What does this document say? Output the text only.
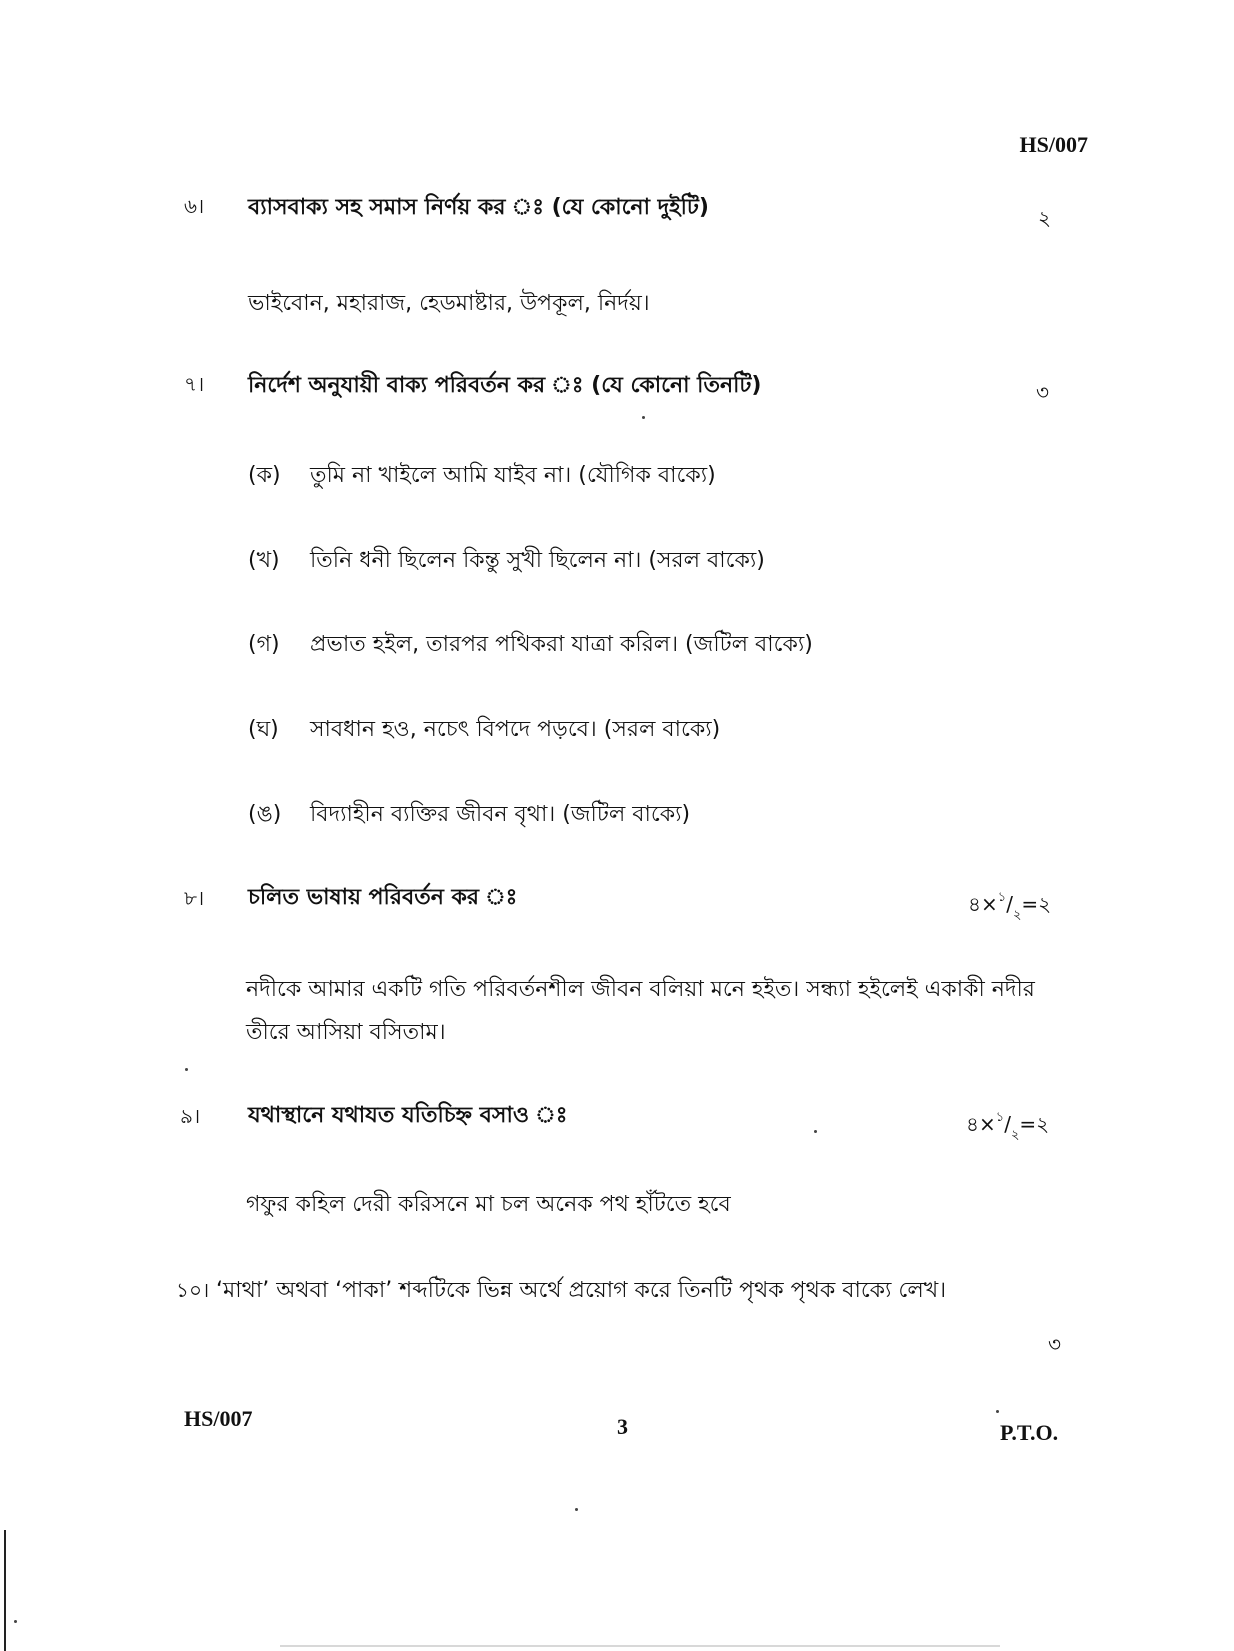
HS/007
৬। ব্যাসবাক্য সহ সমাস নির্ণয় কর ঃ (যে কোনো দুইটি)	২
ভাইবোন, মহারাজ, হেডমাষ্টার, উপকূল, নির্দয়।
৭। নির্দেশ অনুযায়ী বাক্য পরিবর্তন কর ঃ (যে কোনো তিনটি)	৩
(ক) তুমি না খাইলে আমি যাইব না। (যৌগিক বাক্যে)
(খ) তিনি ধনী ছিলেন কিন্তু সুখী ছিলেন না। (সরল বাক্যে)
(গ) প্রভাত হইল, তারপর পথিকরা যাত্রা করিল। (জটিল বাক্যে)
(ঘ) সাবধান হও, নচেৎ বিপদে পড়বে। (সরল বাক্যে)
(ঙ) বিদ্যাহীন ব্যক্তির জীবন বৃথা। (জটিল বাক্যে)
৮। চলিত ভাষায় পরিবর্তন কর ঃ	$৪\times^১/_২=২$
নদীকে আমার একটি গতি পরিবর্তনশীল জীবন বলিয়া মনে হইত। সন্ধ্যা হইলেই একাকী নদীর
তীরে আসিয়া বসিতাম।
৯। যথাস্থানে যথাযত যতিচিহ্ন বসাও ঃ	$৪\times^১/_২=২$
গফুর কহিল দেরী করিসনে মা চল অনেক পথ হাঁটতে হবে
১০। ‘মাথা’ অথবা ‘পাকা’ শব্দটিকে ভিন্ন অর্থে প্রয়োগ করে তিনটি পৃথক পৃথক বাক্যে লেখ।
৩
HS/007	3	P.T.O.
